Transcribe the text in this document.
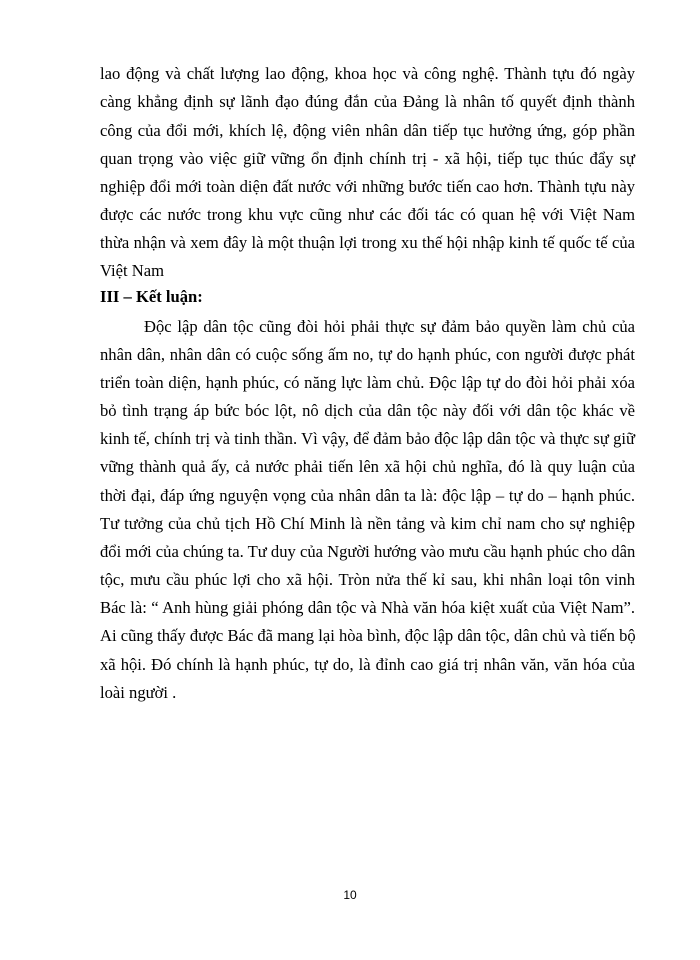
lao động và chất lượng lao động, khoa học và công nghệ. Thành tựu đó ngày
càng khẳng định sự lãnh đạo đúng đắn của Đảng là nhân tố quyết định thành
công của đổi mới, khích lệ, động viên nhân dân tiếp tục hưởng ứng, góp phần
quan trọng vào việc giữ vững ổn định chính trị - xã hội, tiếp tục thúc đẩy sự
nghiệp đổi mới toàn diện đất nước với những bước tiến cao hơn. Thành tựu này
được các nước trong khu vực cũng như các đối tác có quan hệ với Việt Nam
thừa nhận và xem đây là một thuận lợi trong xu thế hội nhập kinh tế quốc tế của
Việt Nam
III – Kết luận:
Độc lập dân tộc cũng đòi hỏi phải thực sự đảm bảo quyền làm chủ của
nhân dân, nhân dân có cuộc sống ấm no, tự do hạnh phúc, con người được phát
triển toàn diện, hạnh phúc, có năng lực làm chủ. Độc lập tự do đòi hỏi phải xóa
bỏ tình trạng áp bức bóc lột, nô dịch của dân tộc này đối với dân tộc khác về
kinh tế, chính trị và tinh thần. Vì vậy, để đảm bảo độc lập dân tộc và thực sự giữ
vững thành quả ấy, cả nước phải tiến lên xã hội chủ nghĩa, đó là quy luận của
thời đại, đáp ứng nguyện vọng của nhân dân ta là: độc lập – tự do – hạnh phúc.
Tư tưởng của chủ tịch Hồ Chí Minh là nền tảng và kim chỉ nam cho sự nghiệp
đổi mới của chúng ta. Tư duy của Người hướng vào mưu cầu hạnh phúc cho dân
tộc, mưu cầu phúc lợi cho xã hội. Tròn nửa thế kỉ sau, khi nhân loại tôn vinh
Bác là: “ Anh hùng giải phóng dân tộc và Nhà văn hóa kiệt xuất của Việt Nam”.
Ai cũng thấy được Bác đã mang lại hòa bình, độc lập dân tộc, dân chủ và tiến bộ
xã hội. Đó chính là hạnh phúc, tự do, là đỉnh cao giá trị nhân văn, văn hóa của
loài người .
10
